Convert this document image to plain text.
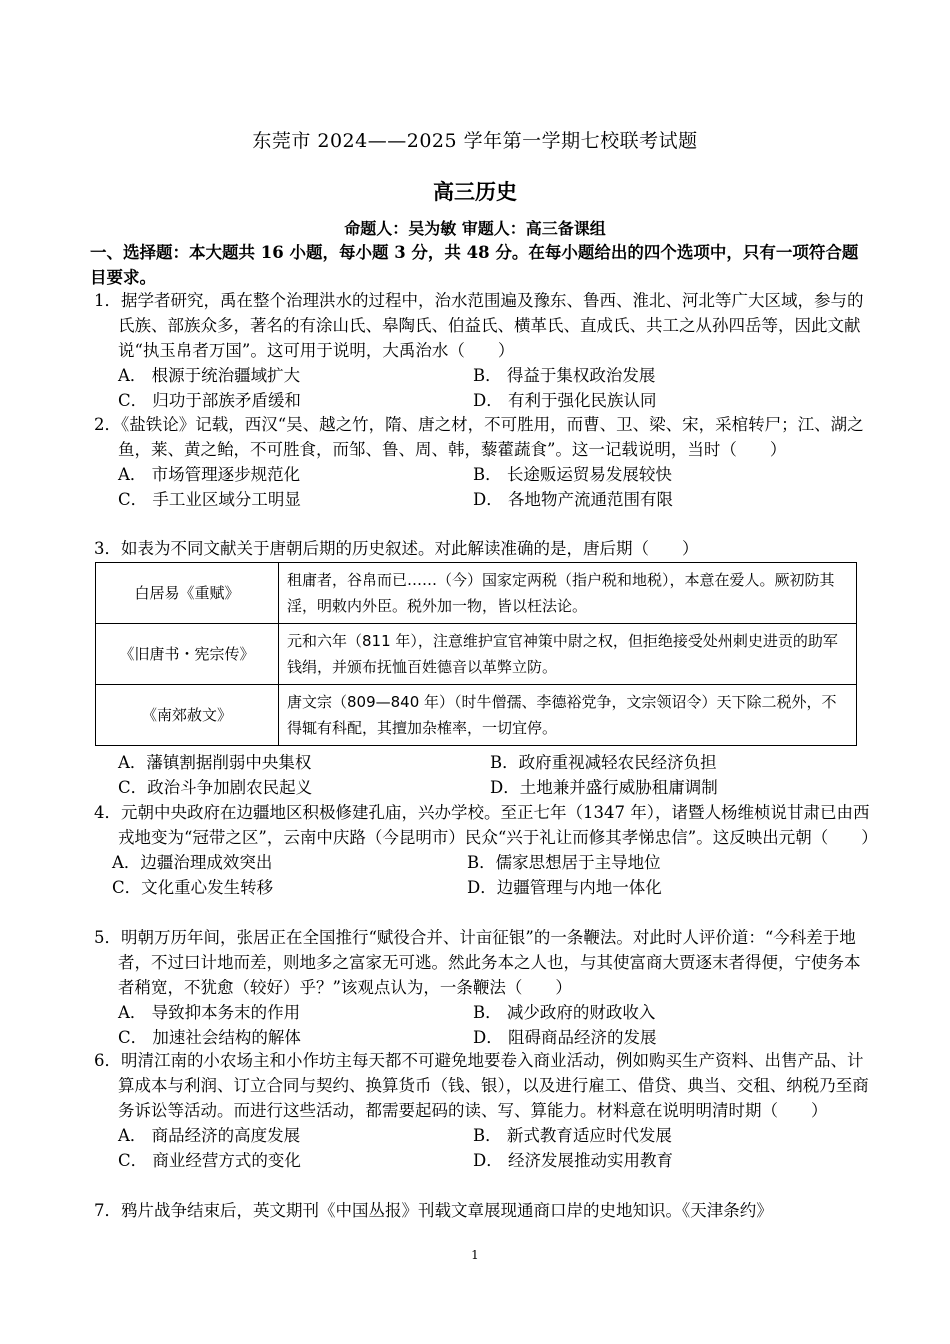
东莞市 2024——2025 学年第一学期七校联考试题
高三历史
命题人：吴为敏 审题人：高三备课组
一、选择题：本大题共 16 小题，每小题 3 分，共 48 分。在每小题给出的四个选项中，只有一项符合题目要求。
1．据学者研究，禹在整个治理洪水的过程中，治水范围遍及豫东、鲁西、淮北、河北等广大区域，参与的氏族、部族众多，著名的有涂山氏、皋陶氏、伯益氏、横革氏、直成氏、共工之从孙四岳等，因此文献说“执玉帛者万国”。这可用于说明，大禹治水（　　）
A． 根源于统治疆域扩大	B． 得益于集权政治发展
C． 归功于部族矛盾缓和	D． 有利于强化民族认同
2．《盐铁论》记载，西汉“吴、越之竹，隋、唐之材，不可胜用，而曹、卫、梁、宋，采棺转尸；江、湖之鱼，莱、黄之鲐，不可胜食，而邹、鲁、周、韩，藜藿蔬食”。这一记载说明，当时（　　）
A． 市场管理逐步规范化	B． 长途贩运贸易发展较快
C． 手工业区域分工明显	D． 各地物产流通范围有限
3．如表为不同文献关于唐朝后期的历史叙述。对此解读准确的是，唐后期（　　）
白居易《重赋》	租庸者，谷帛而已……（今）国家定两税（指户税和地税），本意在爱人。厥初防其淫，明敕内外臣。税外加一物，皆以枉法论。
《旧唐书・宪宗传》	元和六年（811 年），注意维护宣官神策中尉之权，但拒绝接受处州刺史进贡的助军钱绢，并颁布抚恤百姓德音以革弊立防。
《南郊赦文》	唐文宗（809—840 年）（时牛僧孺、李德裕党争，文宗领诏令）天下除二税外，不得辄有科配，其擅加杂榷率，一切宜停。
A．藩镇割据削弱中央集权	B．政府重视减轻农民经济负担
C．政治斗争加剧农民起义	D．土地兼并盛行威胁租庸调制
4．元朝中央政府在边疆地区积极修建孔庙，兴办学校。至正七年（1347 年），诸暨人杨维桢说甘肃已由西戎地变为“冠带之区”，云南中庆路（今昆明市）民众“兴于礼让而修其孝悌忠信”。这反映出元朝（　　）
A．边疆治理成效突出	B．儒家思想居于主导地位
C．文化重心发生转移	D．边疆管理与内地一体化
5．明朝万历年间，张居正在全国推行“赋役合并、计亩征银”的一条鞭法。对此时人评价道：“今科差于地者，不过曰计地而差，则地多之富家无可逃。然此务本之人也，与其使富商大贾逐末者得便，宁使务本者稍宽，不犹愈（较好）乎？”该观点认为，一条鞭法（　　）
A． 导致抑本务末的作用	B． 减少政府的财政收入
C． 加速社会结构的解体	D． 阻碍商品经济的发展
6．明清江南的小农场主和小作坊主每天都不可避免地要卷入商业活动，例如购买生产资料、出售产品、计算成本与利润、订立合同与契约、换算货币（钱、银），以及进行雇工、借贷、典当、交租、纳税乃至商务诉讼等活动。而进行这些活动，都需要起码的读、写、算能力。材料意在说明明清时期（　　）
A． 商品经济的高度发展	B． 新式教育适应时代发展
C． 商业经营方式的变化	D． 经济发展推动实用教育
7．鸦片战争结束后，英文期刊《中国丛报》刊载文章展现通商口岸的史地知识。《天津条约》
1
